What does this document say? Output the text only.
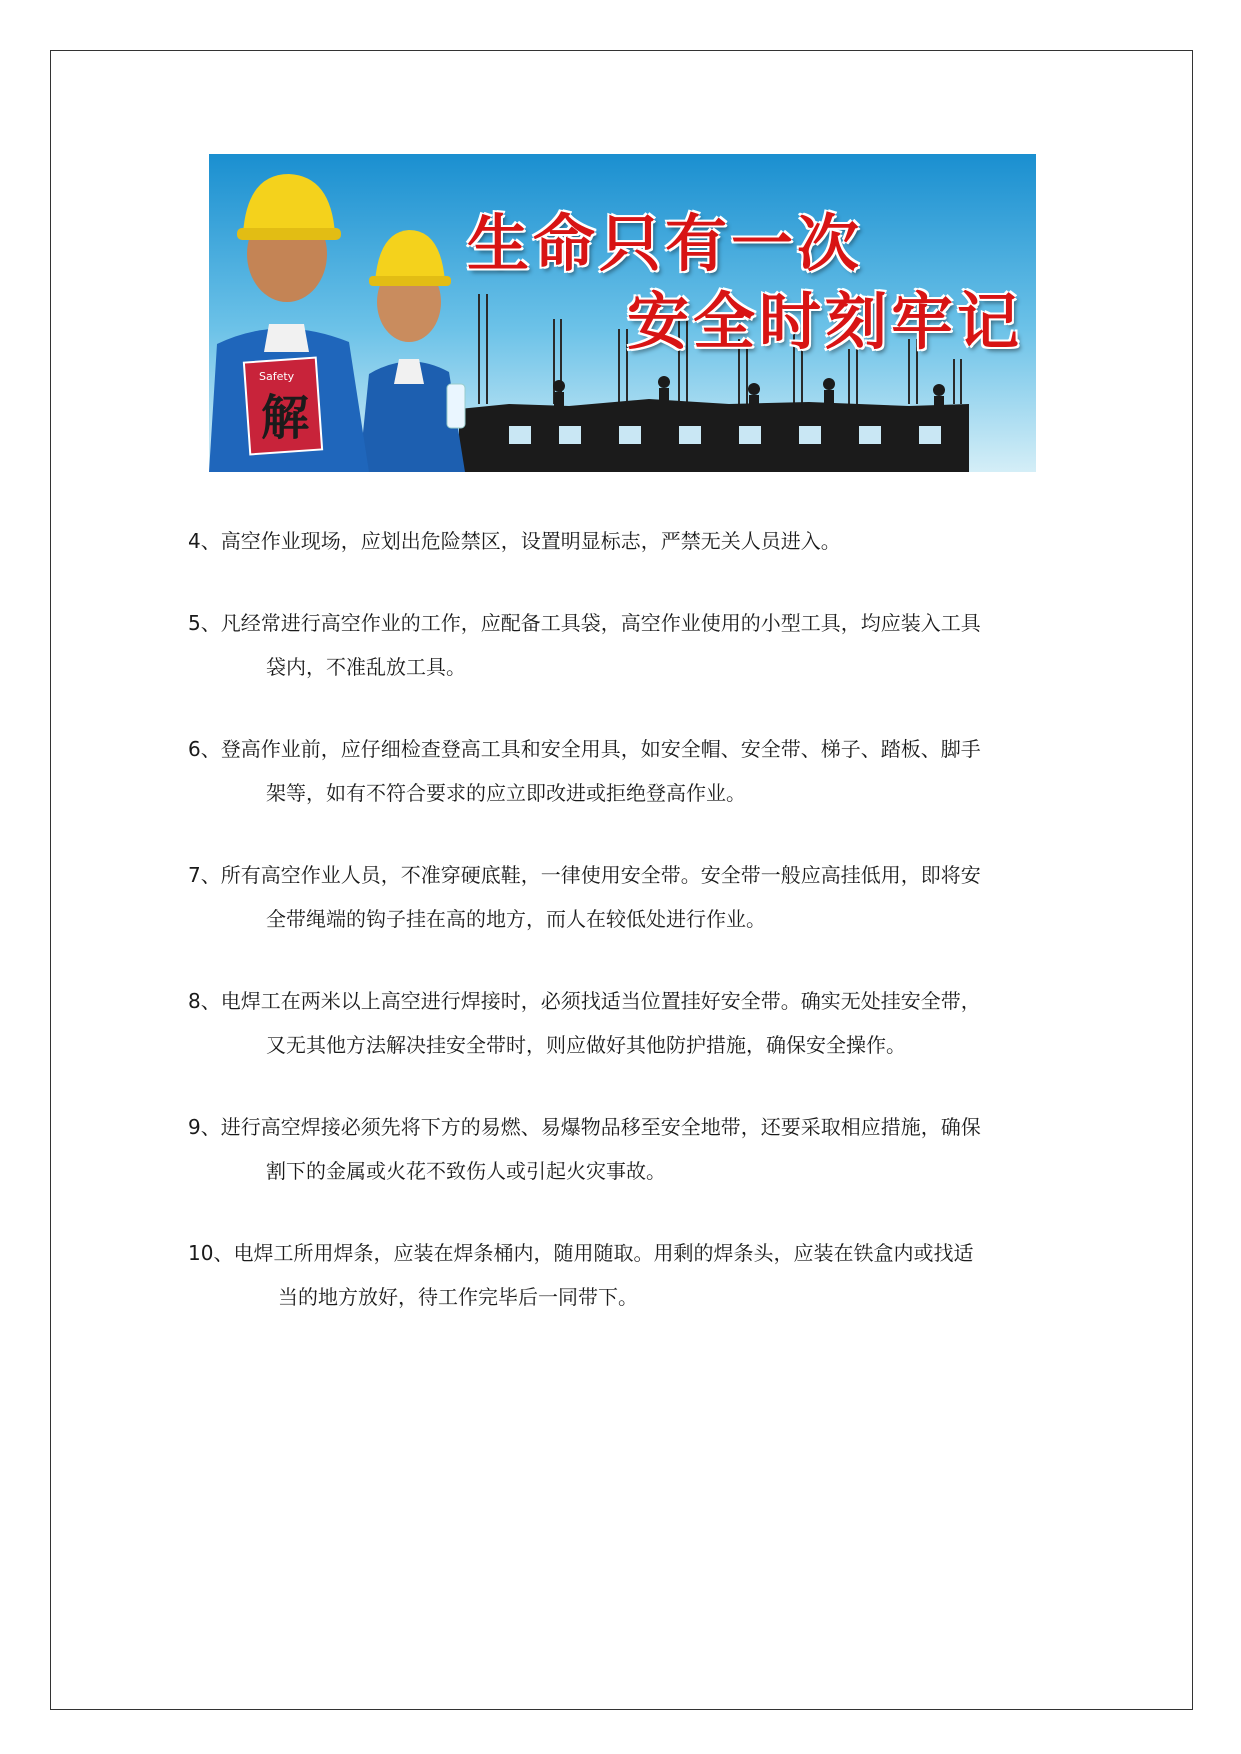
Safety
解
生命只有一次
安全时刻牢记
4、高空作业现场，应划出危险禁区，设置明显标志，严禁无关人员进入。
5、凡经常进行高空作业的工作，应配备工具袋，高空作业使用的小型工具，均应装入工具
袋内，不准乱放工具。
6、登高作业前，应仔细检查登高工具和安全用具，如安全帽、安全带、梯子、踏板、脚手
架等，如有不符合要求的应立即改进或拒绝登高作业。
7、所有高空作业人员，不准穿硬底鞋，一律使用安全带。安全带一般应高挂低用，即将安
全带绳端的钩子挂在高的地方，而人在较低处进行作业。
8、电焊工在两米以上高空进行焊接时，必须找适当位置挂好安全带。确实无处挂安全带，
又无其他方法解决挂安全带时，则应做好其他防护措施，确保安全操作。
9、进行高空焊接必须先将下方的易燃、易爆物品移至安全地带，还要采取相应措施，确保
割下的金属或火花不致伤人或引起火灾事故。
10、电焊工所用焊条，应装在焊条桶内，随用随取。用剩的焊条头，应装在铁盒内或找适
当的地方放好，待工作完毕后一同带下。
